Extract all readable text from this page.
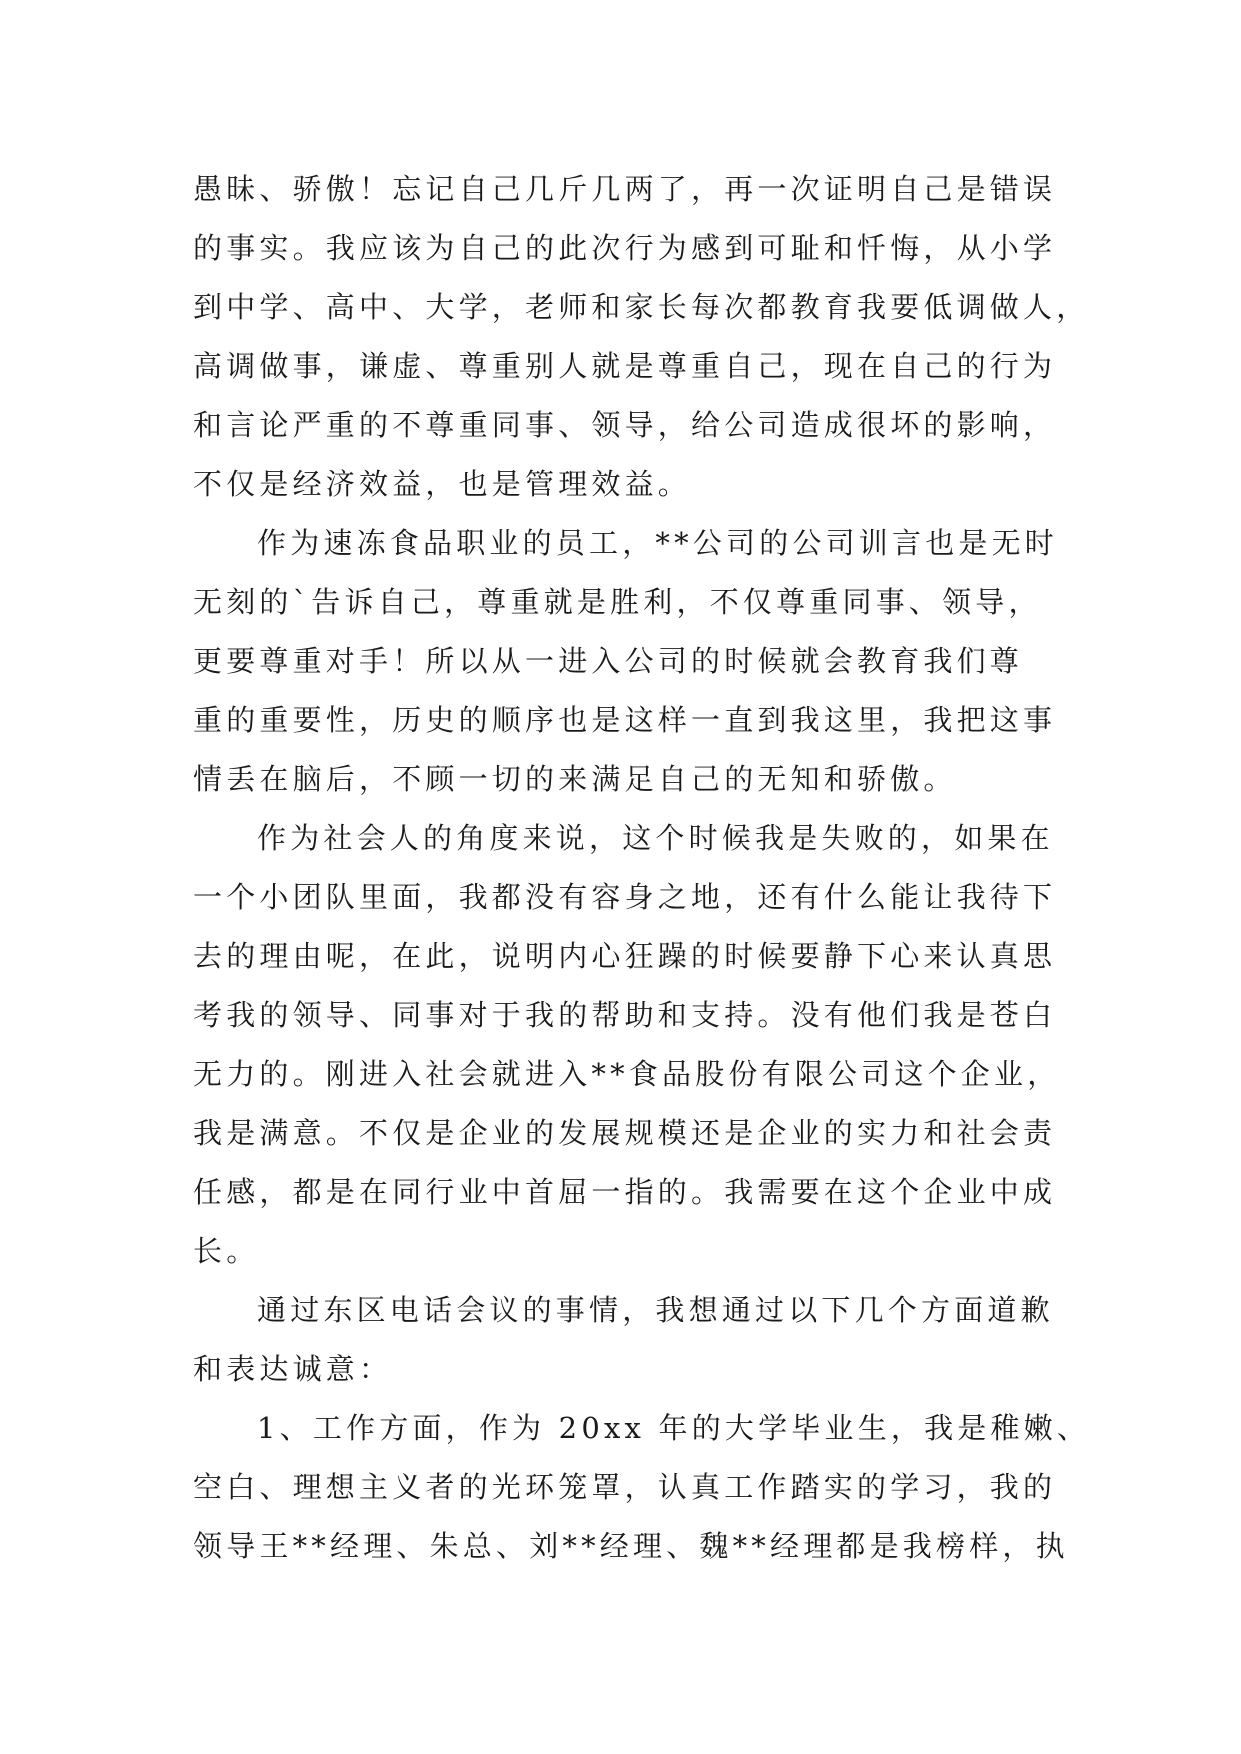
愚昧、骄傲！忘记自己几斤几两了，再一次证明自己是错误
的事实。我应该为自己的此次行为感到可耻和忏悔，从小学
到中学、高中、大学，老师和家长每次都教育我要低调做人，
高调做事，谦虚、尊重别人就是尊重自己，现在自己的行为
和言论严重的不尊重同事、领导，给公司造成很坏的影响，
不仅是经济效益，也是管理效益。
作为速冻食品职业的员工，**公司的公司训言也是无时
无刻的`告诉自己，尊重就是胜利，不仅尊重同事、领导，
更要尊重对手！所以从一进入公司的时候就会教育我们尊
重的重要性，历史的顺序也是这样一直到我这里，我把这事
情丢在脑后，不顾一切的来满足自己的无知和骄傲。
作为社会人的角度来说，这个时候我是失败的，如果在
一个小团队里面，我都没有容身之地，还有什么能让我待下
去的理由呢，在此，说明内心狂躁的时候要静下心来认真思
考我的领导、同事对于我的帮助和支持。没有他们我是苍白
无力的。刚进入社会就进入**食品股份有限公司这个企业，
我是满意。不仅是企业的发展规模还是企业的实力和社会责
任感，都是在同行业中首屈一指的。我需要在这个企业中成
长。
通过东区电话会议的事情，我想通过以下几个方面道歉
和表达诚意：
1、工作方面，作为 20xx 年的大学毕业生，我是稚嫩、
空白、理想主义者的光环笼罩，认真工作踏实的学习，我的
领导王**经理、朱总、刘**经理、魏**经理都是我榜样，执
